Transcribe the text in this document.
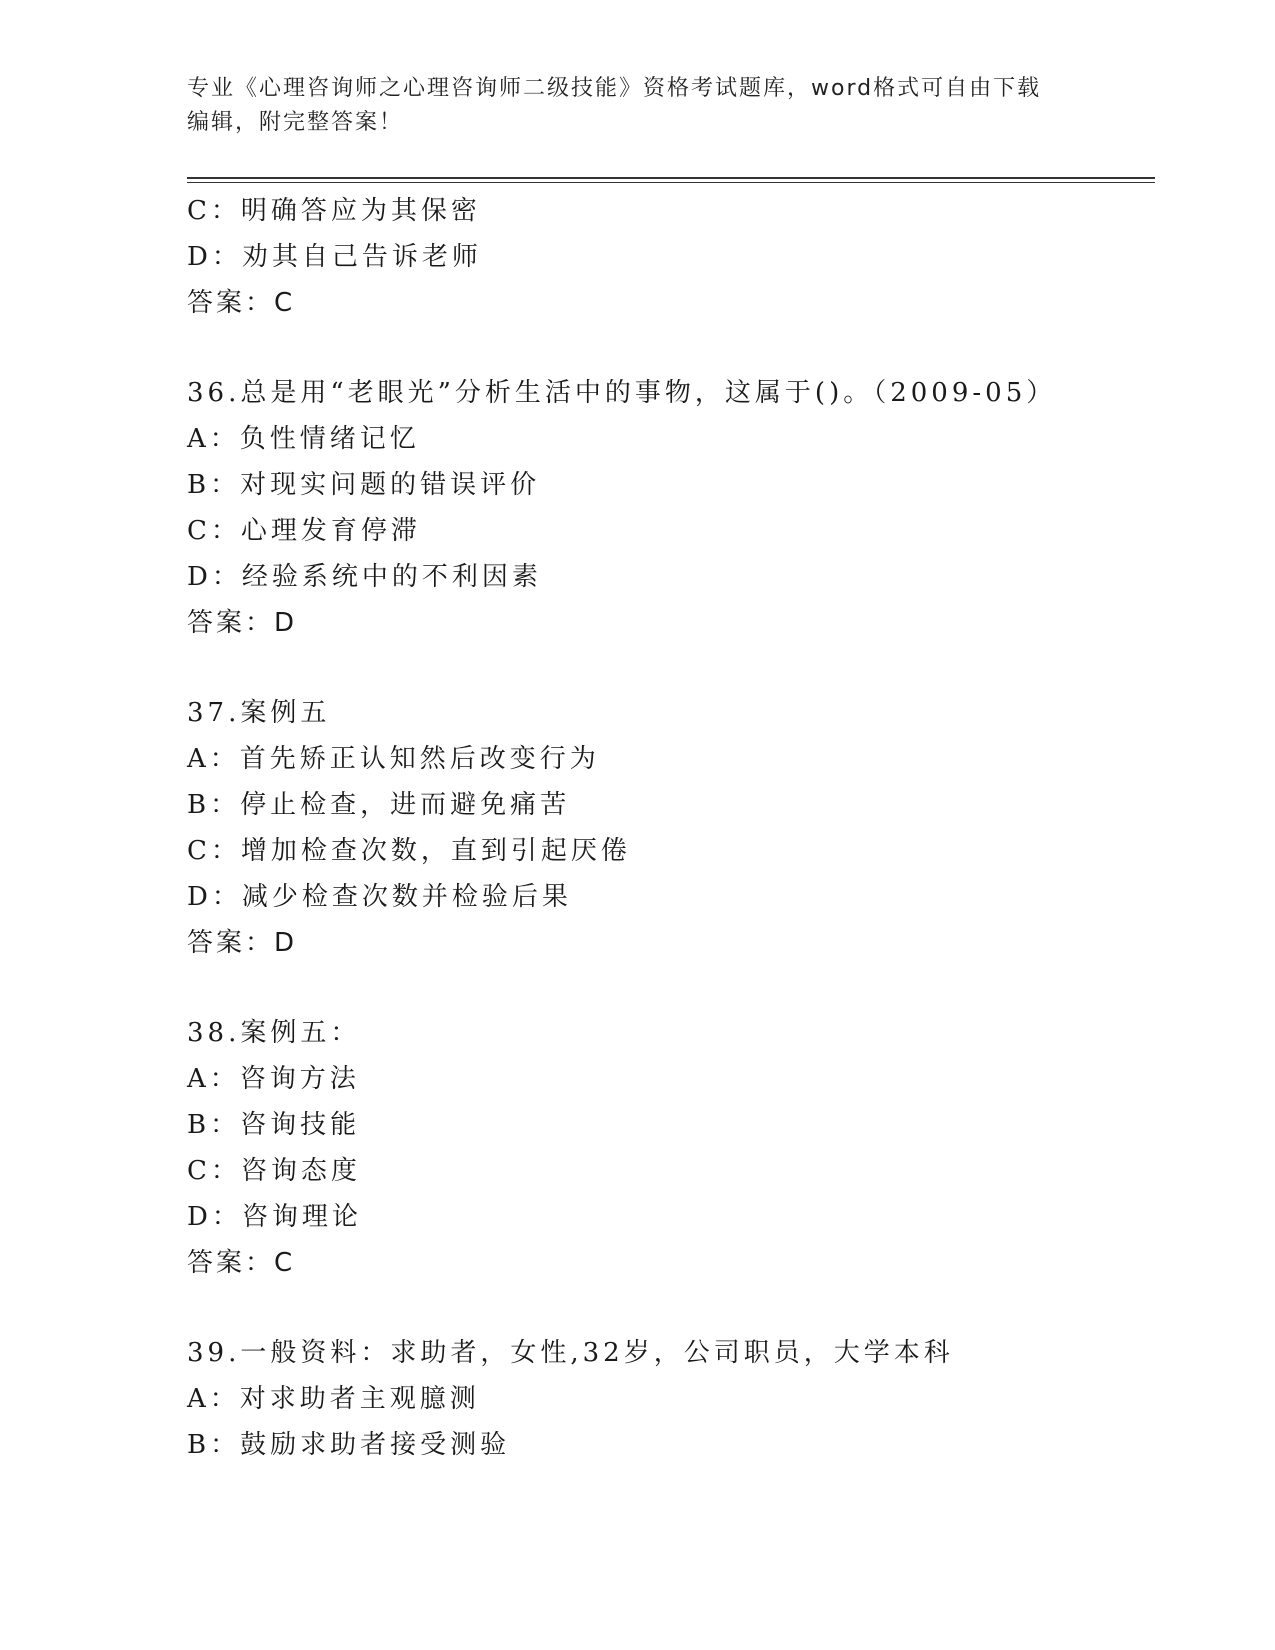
专业《心理咨询师之心理咨询师二级技能》资格考试题库，word格式可自由下载
编辑，附完整答案！
C：明确答应为其保密
D：劝其自己告诉老师
答案：C
36.总是用“老眼光”分析生活中的事物，这属于()。（2009-05）
A：负性情绪记忆
B：对现实问题的错误评价
C：心理发育停滞
D：经验系统中的不利因素
答案：D
37.案例五
A：首先矫正认知然后改变行为
B：停止检查，进而避免痛苦
C：增加检查次数，直到引起厌倦
D：减少检查次数并检验后果
答案：D
38.案例五：
A：咨询方法
B：咨询技能
C：咨询态度
D：咨询理论
答案：C
39.一般资料：求助者，女性,32岁，公司职员，大学本科
A：对求助者主观臆测
B：鼓励求助者接受测验
